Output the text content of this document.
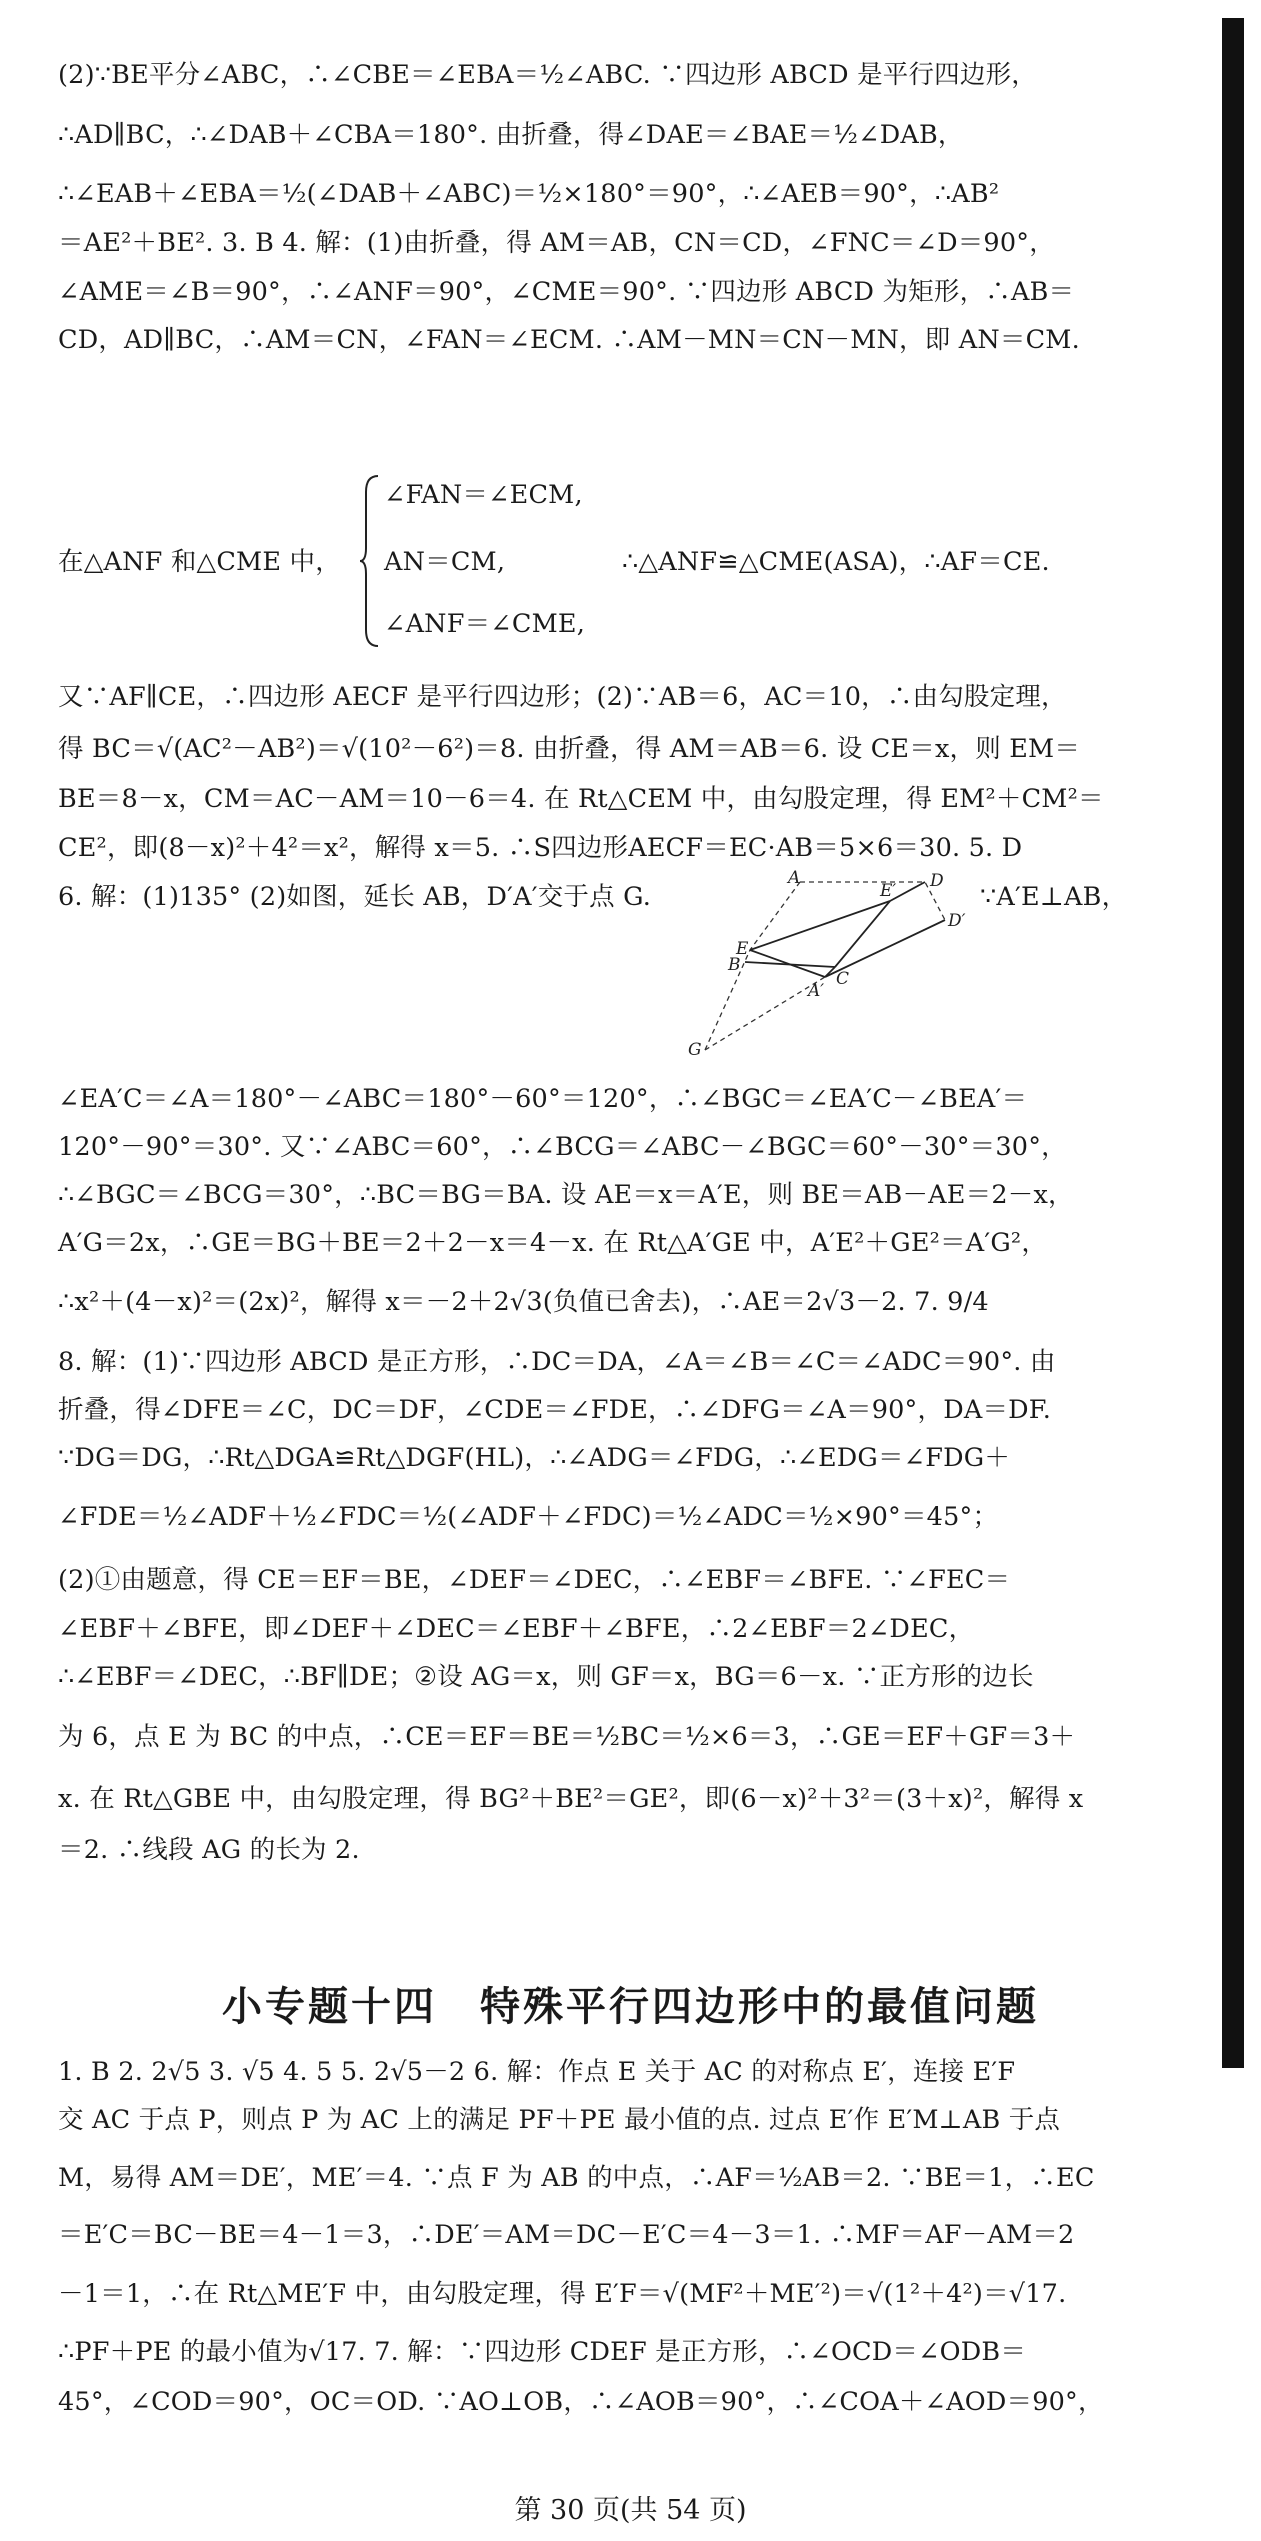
(2)∵BE平分∠ABC，∴∠CBE＝∠EBA＝½∠ABC. ∵四边形 ABCD 是平行四边形，
∴AD∥BC，∴∠DAB＋∠CBA＝180°. 由折叠，得∠DAE＝∠BAE＝½∠DAB，
∴∠EAB＋∠EBA＝½(∠DAB＋∠ABC)＝½×180°＝90°，∴∠AEB＝90°，∴AB²
＝AE²＋BE². 3. B 4. 解：(1)由折叠，得 AM＝AB，CN＝CD，∠FNC＝∠D＝90°，
∠AME＝∠B＝90°，∴∠ANF＝90°，∠CME＝90°. ∵四边形 ABCD 为矩形，∴AB＝
CD，AD∥BC，∴AM＝CN，∠FAN＝∠ECM. ∴AM－MN＝CN－MN，即 AN＝CM.
∠FAN＝∠ECM,
在△ANF 和△CME 中，	AN＝CM,	∴△ANF≌△CME(ASA)，∴AF＝CE.
∠ANF＝∠CME,
又∵AF∥CE，∴四边形 AECF 是平行四边形；(2)∵AB＝6，AC＝10，∴由勾股定理，
得 BC＝√(AC²－AB²)＝√(10²－6²)＝8. 由折叠，得 AM＝AB＝6. 设 CE＝x，则 EM＝
BE＝8－x，CM＝AC－AM＝10－6＝4. 在 Rt△CEM 中，由勾股定理，得 EM²＋CM²＝
CE²，即(8－x)²＋4²＝x²，解得 x＝5. ∴S四边形AECF＝EC·AB＝5×6＝30. 5. D
6. 解：(1)135° (2)如图，延长 AB，D′A′交于点 G.	∵A′E⊥AB，
A
E′ D
D′
E
B
C
A′
G
∠EA′C＝∠A＝180°－∠ABC＝180°－60°＝120°，∴∠BGC＝∠EA′C－∠BEA′＝
120°－90°＝30°. 又∵∠ABC＝60°，∴∠BCG＝∠ABC－∠BGC＝60°－30°＝30°，
∴∠BGC＝∠BCG＝30°，∴BC＝BG＝BA. 设 AE＝x＝A′E，则 BE＝AB－AE＝2－x，
A′G＝2x，∴GE＝BG＋BE＝2＋2－x＝4－x. 在 Rt△A′GE 中，A′E²＋GE²＝A′G²，
∴x²＋(4－x)²＝(2x)²，解得 x＝－2＋2√3(负值已舍去)，∴AE＝2√3－2. 7. 9/4
8. 解：(1)∵四边形 ABCD 是正方形，∴DC＝DA，∠A＝∠B＝∠C＝∠ADC＝90°. 由
折叠，得∠DFE＝∠C，DC＝DF，∠CDE＝∠FDE，∴∠DFG＝∠A＝90°，DA＝DF.
∵DG＝DG，∴Rt△DGA≌Rt△DGF(HL)，∴∠ADG＝∠FDG，∴∠EDG＝∠FDG＋
∠FDE＝½∠ADF＋½∠FDC＝½(∠ADF＋∠FDC)＝½∠ADC＝½×90°＝45°；
(2)①由题意，得 CE＝EF＝BE，∠DEF＝∠DEC，∴∠EBF＝∠BFE. ∵∠FEC＝
∠EBF＋∠BFE，即∠DEF＋∠DEC＝∠EBF＋∠BFE，∴2∠EBF＝2∠DEC，
∴∠EBF＝∠DEC，∴BF∥DE；②设 AG＝x，则 GF＝x，BG＝6－x. ∵正方形的边长
为 6，点 E 为 BC 的中点，∴CE＝EF＝BE＝½BC＝½×6＝3，∴GE＝EF＋GF＝3＋
x. 在 Rt△GBE 中，由勾股定理，得 BG²＋BE²＝GE²，即(6－x)²＋3²＝(3＋x)²，解得 x
＝2. ∴线段 AG 的长为 2.
小专题十四　特殊平行四边形中的最值问题
1. B 2. 2√5 3. √5 4. 5 5. 2√5－2 6. 解：作点 E 关于 AC 的对称点 E′，连接 E′F
交 AC 于点 P，则点 P 为 AC 上的满足 PF＋PE 最小值的点. 过点 E′作 E′M⊥AB 于点
M，易得 AM＝DE′，ME′＝4. ∵点 F 为 AB 的中点，∴AF＝½AB＝2. ∵BE＝1，∴EC
＝E′C＝BC－BE＝4－1＝3，∴DE′＝AM＝DC－E′C＝4－3＝1. ∴MF＝AF－AM＝2
－1＝1，∴在 Rt△ME′F 中，由勾股定理，得 E′F＝√(MF²＋ME′²)＝√(1²＋4²)＝√17.
∴PF＋PE 的最小值为√17. 7. 解：∵四边形 CDEF 是正方形，∴∠OCD＝∠ODB＝
45°，∠COD＝90°，OC＝OD. ∵AO⊥OB，∴∠AOB＝90°，∴∠COA＋∠AOD＝90°，
第 30 页(共 54 页)
